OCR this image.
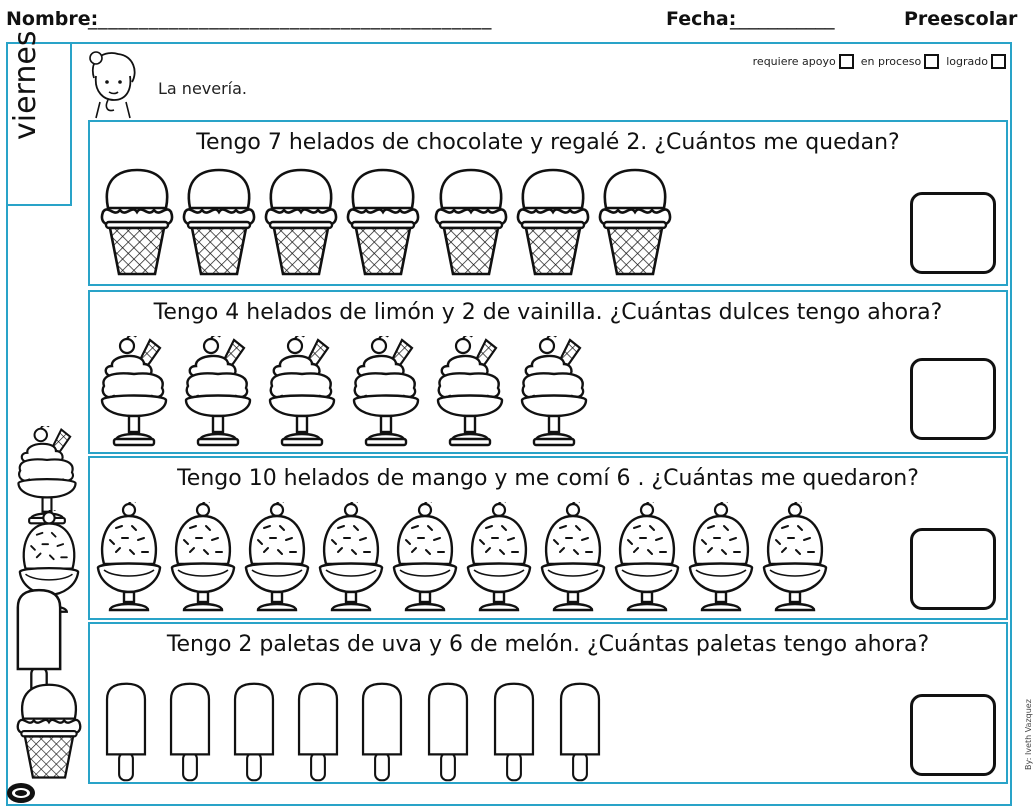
Nombre:
________________________________________	Fecha:
___________	Preescolar
viernes	La nevería.
requiere apoyo en proceso logrado
Tengo 7 helados de chocolate y regalé 2. ¿Cuántos me quedan?
Tengo 4 helados de limón y 2 de vainilla. ¿Cuántas dulces tengo ahora?
Tengo 10 helados de mango y me comí 6 . ¿Cuántas me quedaron?
Tengo 2 paletas de uva y 6 de melón. ¿Cuántas paletas tengo ahora?
By: Iveth Vazquez
